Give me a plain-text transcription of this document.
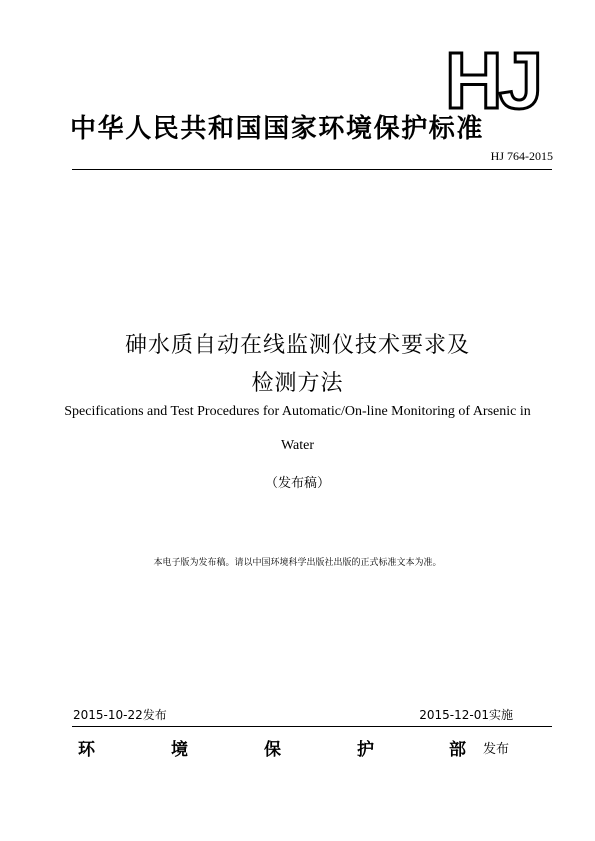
HJ
中华人民共和国国家环境保护标准
HJ 764-2015
砷水质自动在线监测仪技术要求及
检测方法
Specifications and Test Procedures for Automatic/On-line Monitoring of Arsenic in
Water
（发布稿）
本电子版为发布稿。请以中国环境科学出版社出版的正式标准文本为准。
2015-10-22发布	2015-12-01实施
环	境	保	护	部 发布
